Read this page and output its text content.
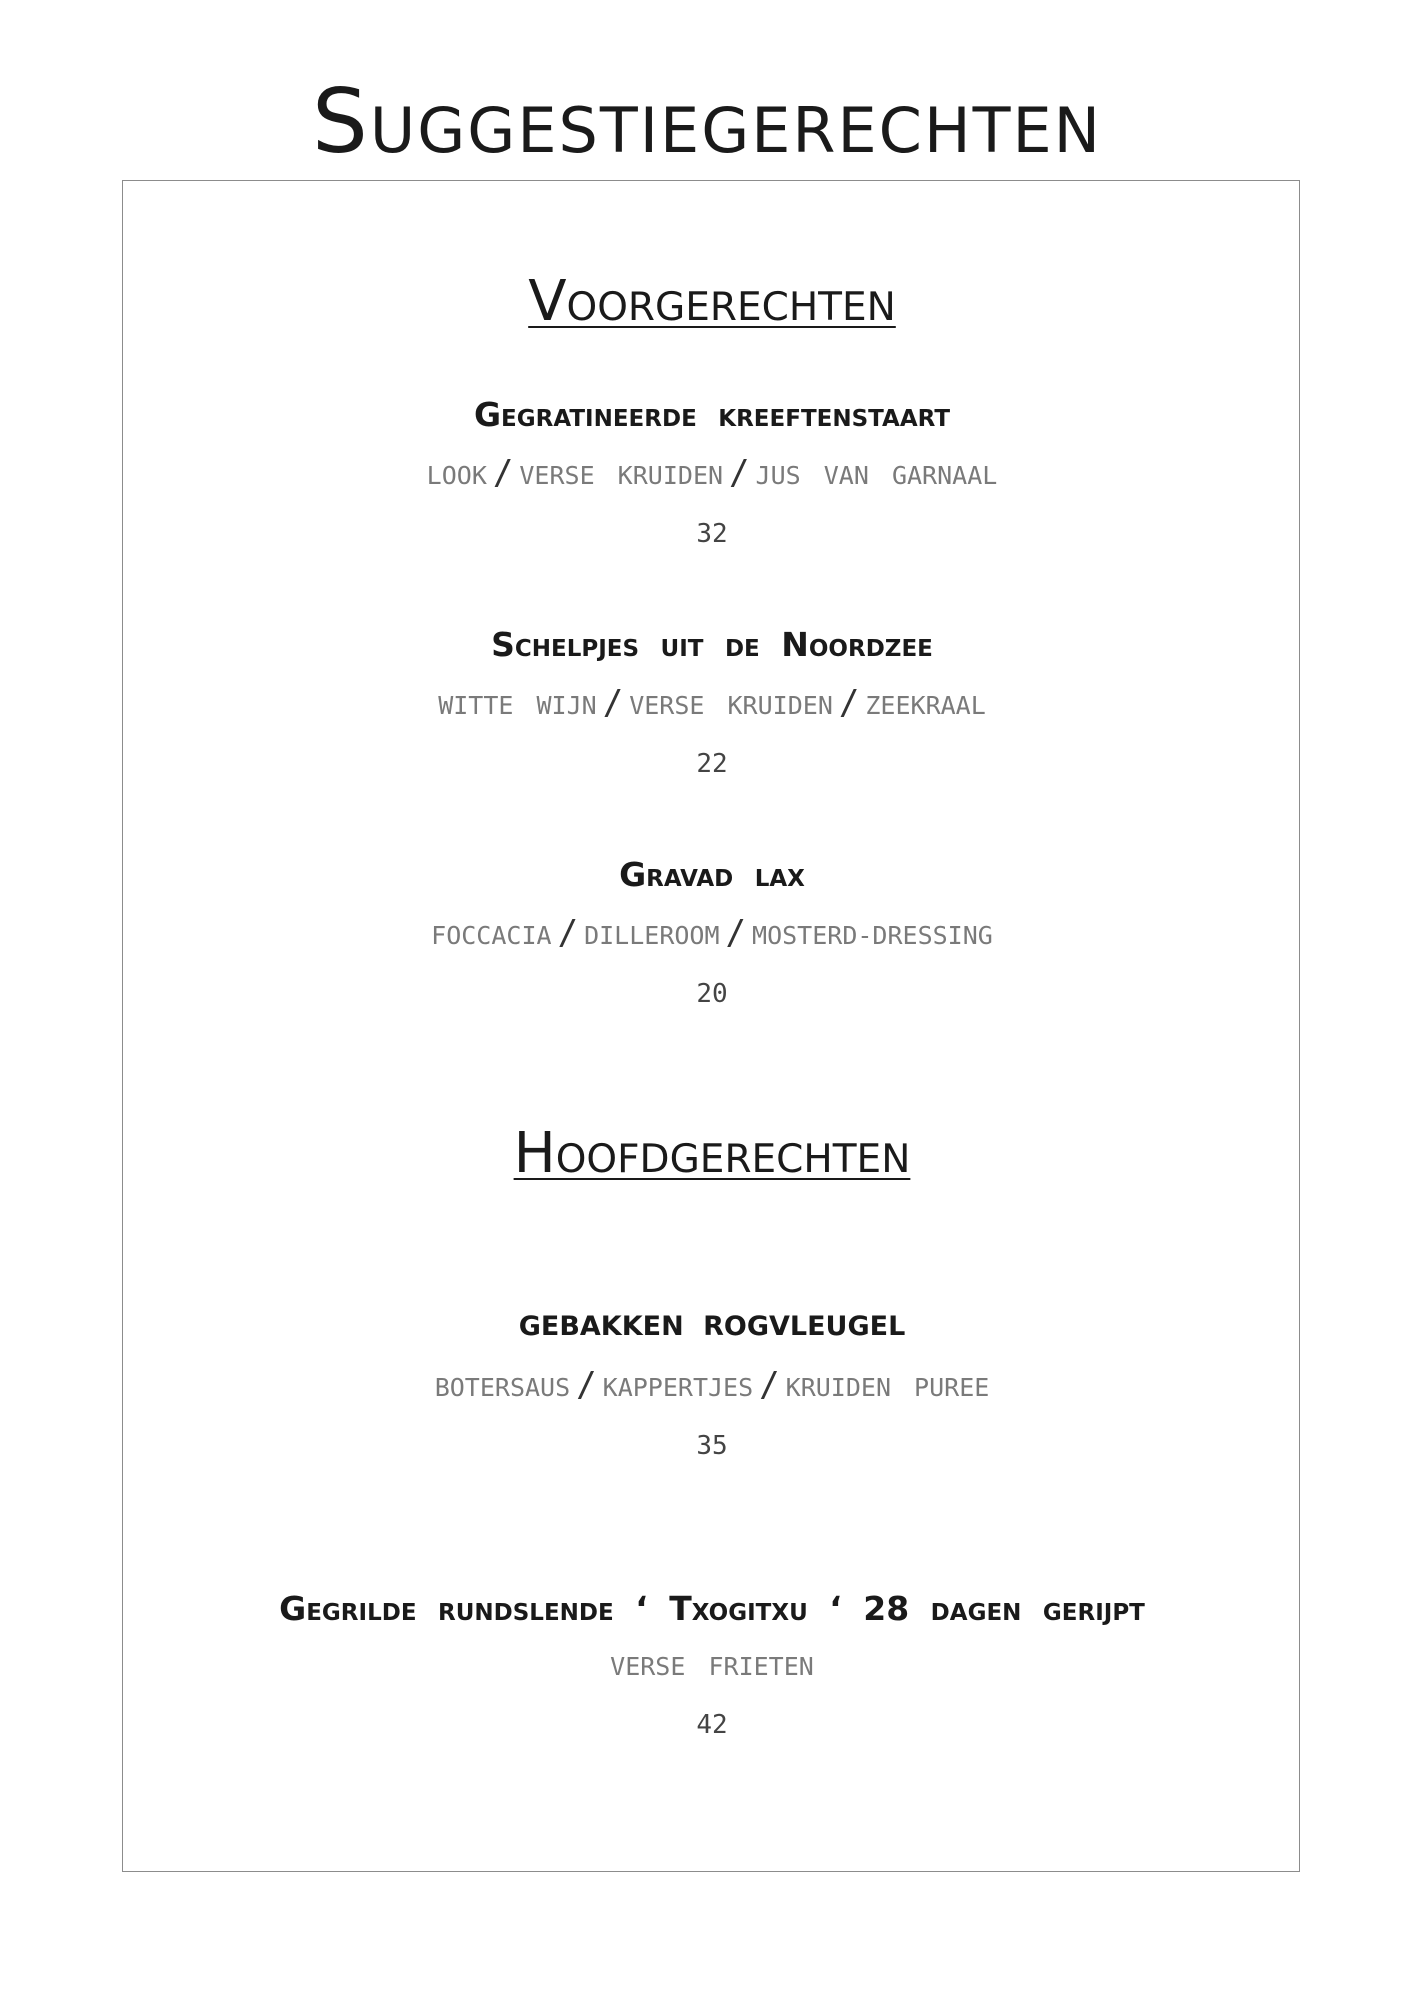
Suggestiegerechten
Voorgerechten
Gegratineerde kreeftenstaart
LOOK / VERSE KRUIDEN / JUS VAN GARNAAL
32
Schelpjes uit de Noordzee
WITTE WIJN / VERSE KRUIDEN / ZEEKRAAL
22
Gravad lax
FOCCACIA / DILLEROOM / MOSTERD-DRESSING
20
Hoofdgerechten
GEBAKKEN ROGVLEUGEL
BOTERSAUS / KAPPERTJES / KRUIDEN PUREE
35
Gegrilde rundslende ‘ Txogitxu ‘ 28 dagen gerijpt
VERSE FRIETEN
42
